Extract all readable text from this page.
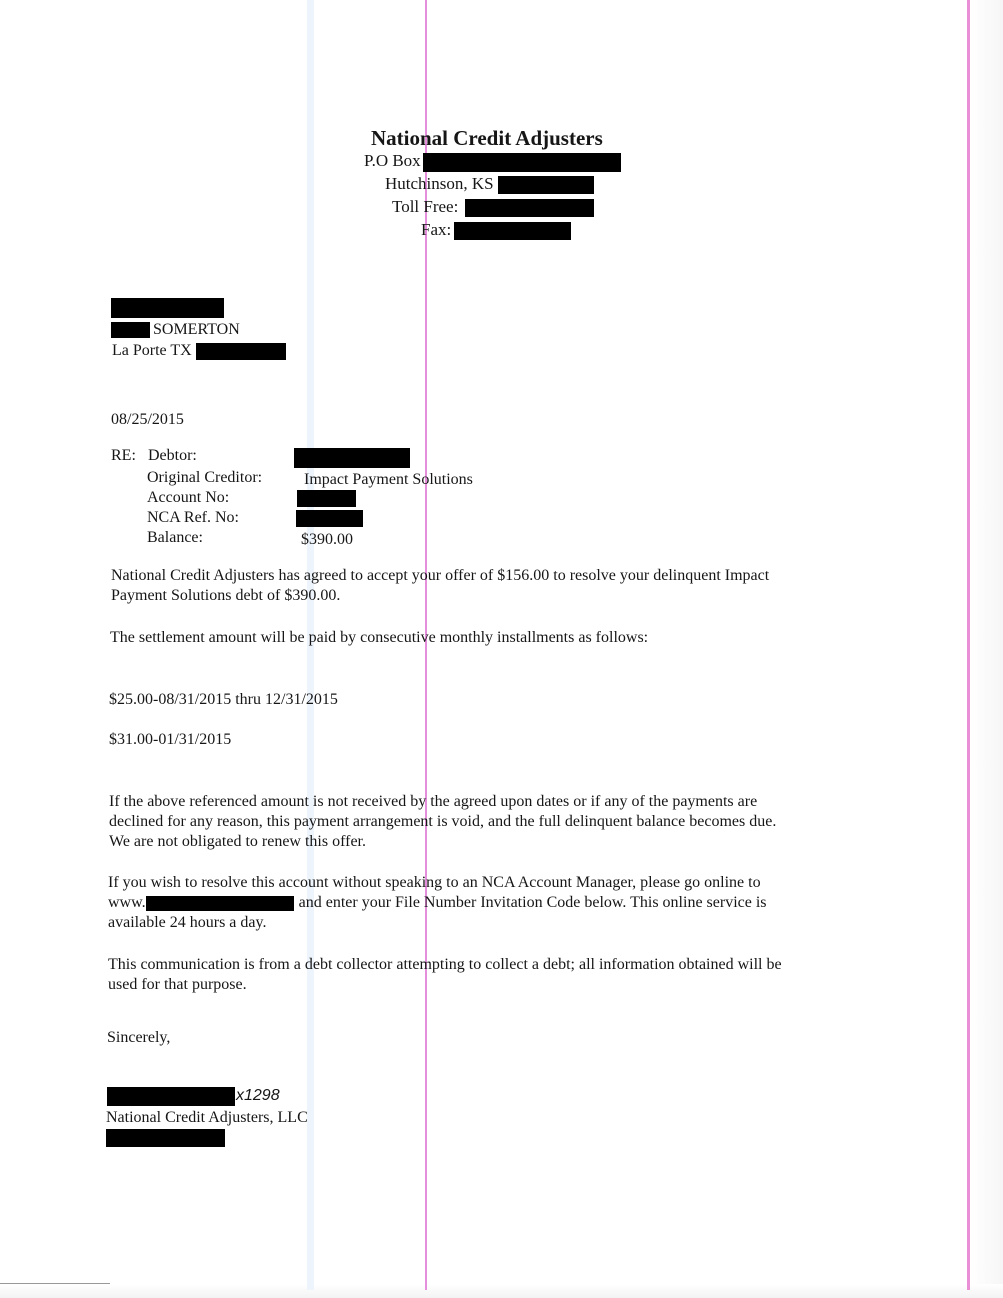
National Credit Adjusters
P.O Box
Hutchinson, KS
Toll Free:
Fax:
SOMERTON
La Porte TX
08/25/2015
RE: Debtor:
Original Creditor:	Impact Payment Solutions
Account No:
NCA Ref. No:
Balance:	$390.00
National Credit Adjusters has agreed to accept your offer of $156.00 to resolve your delinquent Impact
Payment Solutions debt of $390.00.
The settlement amount will be paid by consecutive monthly installments as follows:
$25.00-08/31/2015 thru 12/31/2015
$31.00-01/31/2015
If the above referenced amount is not received by the agreed upon dates or if any of the payments are
declined for any reason, this payment arrangement is void, and the full delinquent balance becomes due.
We are not obligated to renew this offer.
If you wish to resolve this account without speaking to an NCA Account Manager, please go online to
www.	and enter your File Number Invitation Code below. This online service is
available 24 hours a day.
This communication is from a debt collector attempting to collect a debt; all information obtained will be
used for that purpose.
Sincerely,
x1298
National Credit Adjusters, LLC
